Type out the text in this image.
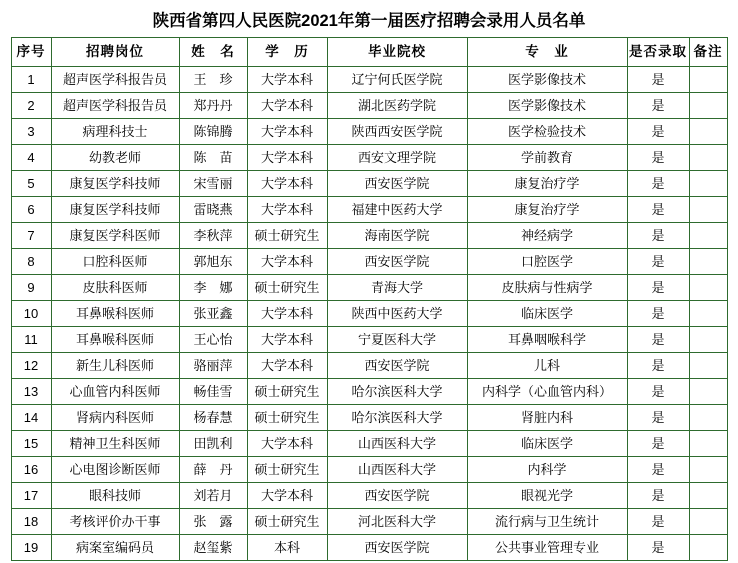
陕西省第四人民医院2021年第一届医疗招聘会录用人员名单
序号	招聘岗位	姓　名	学　历	毕业院校	专　业	是否录取	备注
1	超声医学科报告员	王　珍	大学本科	辽宁何氏医学院	医学影像技术	是	
2	超声医学科报告员	郑丹丹	大学本科	湖北医药学院	医学影像技术	是	
3	病理科技士	陈锦腾	大学本科	陕西西安医学院	医学检验技术	是	
4	幼教老师	陈　苗	大学本科	西安文理学院	学前教育	是	
5	康复医学科技师	宋雪丽	大学本科	西安医学院	康复治疗学	是	
6	康复医学科技师	雷晓燕	大学本科	福建中医药大学	康复治疗学	是	
7	康复医学科医师	李秋萍	硕士研究生	海南医学院	神经病学	是	
8	口腔科医师	郭旭东	大学本科	西安医学院	口腔医学	是	
9	皮肤科医师	李　娜	硕士研究生	青海大学	皮肤病与性病学	是	
10	耳鼻喉科医师	张亚鑫	大学本科	陕西中医药大学	临床医学	是	
11	耳鼻喉科医师	王心怡	大学本科	宁夏医科大学	耳鼻咽喉科学	是	
12	新生儿科医师	骆丽萍	大学本科	西安医学院	儿科	是	
13	心血管内科医师	畅佳雪	硕士研究生	哈尔滨医科大学	内科学（心血管内科）	是	
14	肾病内科医师	杨春慧	硕士研究生	哈尔滨医科大学	肾脏内科	是	
15	精神卫生科医师	田凯利	大学本科	山西医科大学	临床医学	是	
16	心电图诊断医师	薛　丹	硕士研究生	山西医科大学	内科学	是	
17	眼科技师	刘若月	大学本科	西安医学院	眼视光学	是	
18	考核评价办干事	张　露	硕士研究生	河北医科大学	流行病与卫生统计	是	
19	病案室编码员	赵玺紫	本科	西安医学院	公共事业管理专业	是	
